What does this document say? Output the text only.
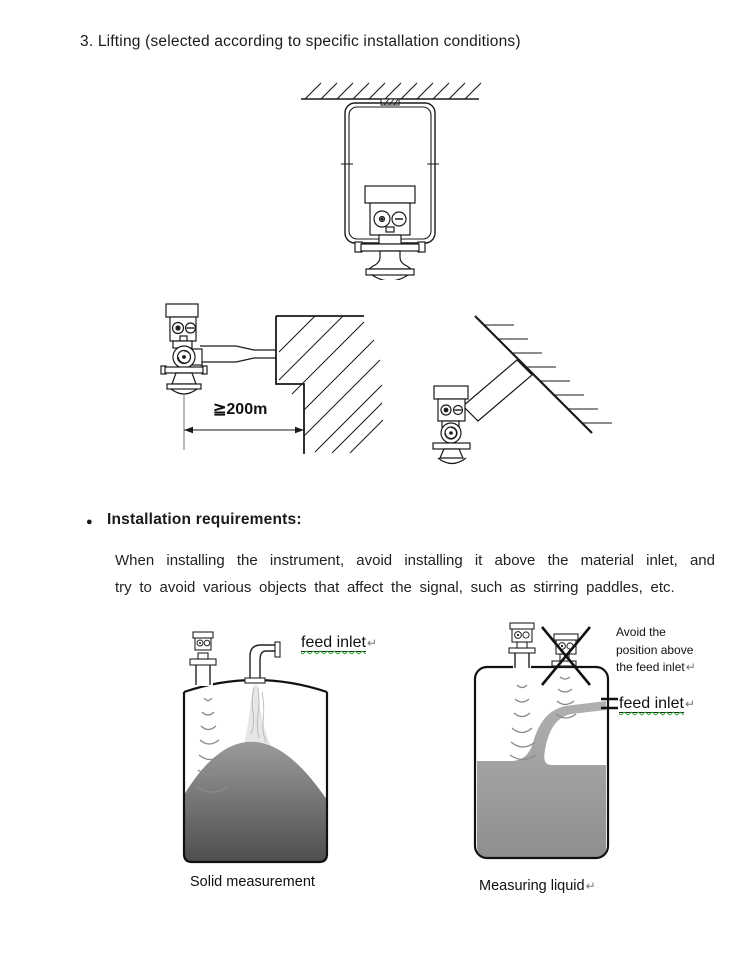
3. Lifting (selected according to specific installation conditions)
≧200m
● Installation requirements:
When installing the instrument, avoid installing it above the material inlet, and
try to avoid various objects that affect the signal, such as stirring paddles, etc.
feed inlet↵
Avoid the
position above
the feed inlet↵
feed inlet↵
Solid measurement	Measuring liquid↵
